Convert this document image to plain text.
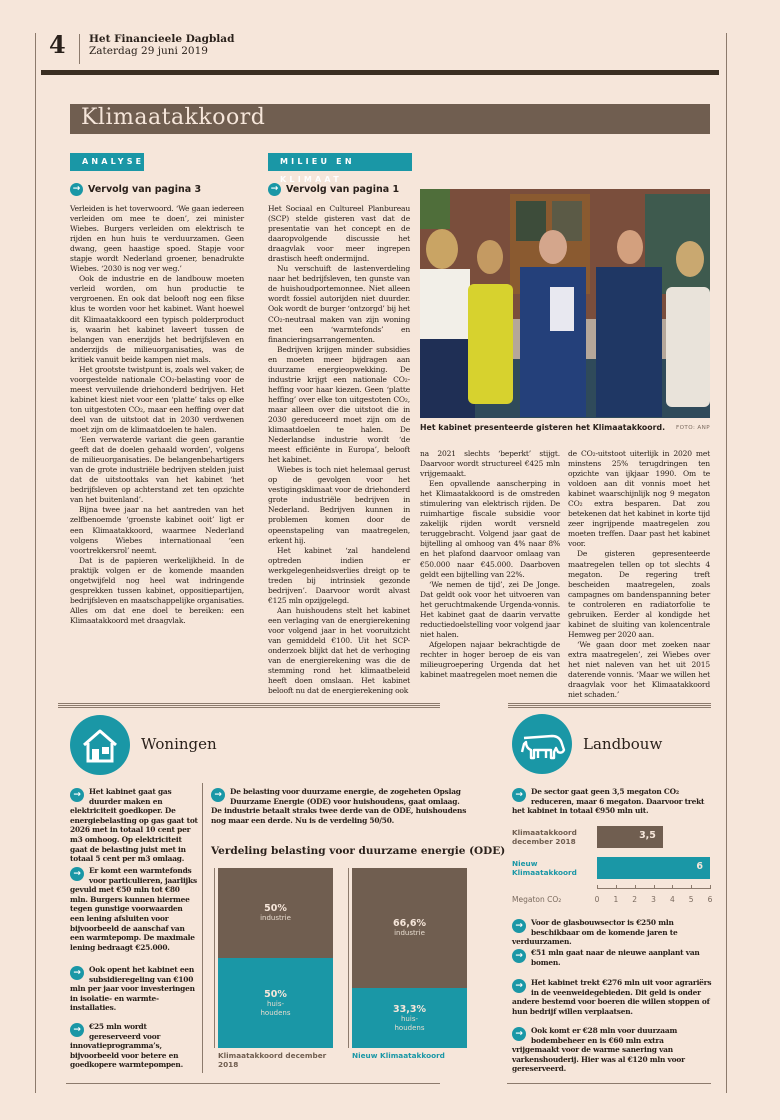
4 Het Financieele Dagblad
Zaterdag 29 juni 2019
Klimaatakkoord
ANALYSE	MILIEU EN KLIMAAT
→ Vervolg van pagina 3	→ Vervolg van pagina 1

Verleiden is het toverwoord. ‘We gaan iedereen verleiden om mee te doen’, zei minister Wiebes. Burgers verleiden om elektrisch te rijden en hun huis te verduurzamen. Geen dwang, geen haastige spoed. Stapje voor stapje wordt Nederland groener, benadrukte Wiebes. ‘2030 is nog ver weg.’

Ook de industrie en de landbouw moeten verleid worden, om hun productie te vergroenen. En ook dat belooft nog een fikse klus te worden voor het kabinet. Want hoewel dit Klimaatakkoord een typisch polderproduct is, waarin het kabinet laveert tussen de belangen van enerzijds het bedrijfsleven en anderzijds de milieuorganisaties, was de kritiek vanuit beide kampen niet mals.

Het grootste twistpunt is, zoals wel vaker, de voorgestelde nationale CO₂-belasting voor de meest vervuilende driehonderd bedrijven. Het kabinet kiest niet voor een ‘platte’ taks op elke ton uitgestoten CO₂, maar een heffing over dat deel van de uitstoot dat in 2030 verdwenen moet zijn om de klimaatdoelen te halen.

‘Een verwaterde variant die geen garantie geeft dat de doelen gehaald worden’, volgens de milieuorganisaties. De belangenbehartigers van de grote industriële bedrijven stelden juist dat de uitstoottaks van het kabinet ‘het bedrijfsleven op achterstand zet ten opzichte van het buitenland’.

Bijna twee jaar na het aantreden van het zelfbenoemde ‘groenste kabinet ooit’ ligt er een Klimaatakkoord, waarmee Nederland volgens Wiebes internationaal ‘een voortrekkersrol’ neemt.

Dat is de papieren werkelijkheid. In de praktijk volgen er de komende maanden ongetwijfeld nog heel wat indringende gesprekken tussen kabinet, oppositiepartijen, bedrijfsleven en maatschappelijke organisaties. Alles om dat ene doel te bereiken: een Klimaatakkoord met draagvlak.

Het Sociaal en Cultureel Planbureau (SCP) stelde gisteren vast dat de presentatie van het concept en de daaropvolgende discussie het draagvlak voor meer ingrepen drastisch heeft ondermijnd.

Nu verschuift de lastenverdeling naar het bedrijfsleven, ten gunste van de huishoudportemonnee. Niet alleen wordt fossiel autorijden niet duurder. Ook wordt de burger ‘ontzorgd’ bij het CO₂-neutraal maken van zijn woning met een ‘warmtefonds’ en financieringsarrangementen.

Bedrijven krijgen minder subsidies en moeten meer bijdragen aan duurzame energieopwekking. De industrie krijgt een nationale CO₂-heffing voor haar kiezen. Geen ‘platte heffing’ over elke ton uitgestoten CO₂, maar alleen over die uitstoot die in 2030 gereduceerd moet zijn om de klimaatdoelen te halen. De Nederlandse industrie wordt ‘de meest efficiënte in Europa’, belooft het kabinet.

Wiebes is toch niet helemaal gerust op de gevolgen voor het vestigingsklimaat voor de driehonderd grote industriële bedrijven in Nederland. Bedrijven kunnen in problemen komen door de opeenstapeling van maatregelen, erkent hij.

Het kabinet ‘zal handelend optreden indien er werkgelegenheidsverlies dreigt op te treden bij intrinsiek gezonde bedrijven’. Daarvoor wordt alvast €125 mln opzijgelegd.

Aan huishoudens stelt het kabinet een verlaging van de energierekening voor volgend jaar in het vooruitzicht van gemiddeld €100. Uit het SCP-onderzoek blijkt dat het de verhoging van de energierekening was die de stemming rond het klimaatbeleid heeft doen omslaan. Het kabinet belooft nu dat de energierekening ook

Het kabinet presenteerde gisteren het Klimaatakkoord.	FOTO: ANP

na 2021 slechts ‘beperkt’ stijgt. Daarvoor wordt structureel €425 mln vrijgemaakt.

Een opvallende aanscherping in het Klimaatakkoord is de omstreden stimulering van elektrisch rijden. De ruimhartige fiscale subsidie voor zakelijk rijden wordt versneld teruggebracht. Volgend jaar gaat de bijtelling al omhoog van 4% naar 8% en het plafond daarvoor omlaag van €50.000 naar €45.000. Daarboven geldt een bijtelling van 22%.

‘We nemen de tijd’, zei De Jonge. Dat geldt ook voor het uitvoeren van het geruchtmakende Urgenda-vonnis. Het kabinet gaat de daarin vervatte reductiedoelstelling voor volgend jaar niet halen.

Afgelopen najaar bekrachtigde de rechter in hoger beroep de eis van milieugroepering Urgenda dat het kabinet maatregelen moet nemen die

de CO₂-uitstoot uiterlijk in 2020 met minstens 25% terugdringen ten opzichte van ijkjaar 1990. Om te voldoen aan dit vonnis moet het kabinet waarschijnlijk nog 9 megaton CO₂ extra besparen. Dat zou betekenen dat het kabinet in korte tijd zeer ingrijpende maatregelen zou moeten treffen. Daar past het kabinet voor.

De gisteren gepresenteerde maatregelen tellen op tot slechts 4 megaton. De regering treft bescheiden maatregelen, zoals campagnes om bandenspanning beter te controleren en radiatorfolie te gebruiken. Eerder al kondigde het kabinet de sluiting van kolencentrale Hemweg per 2020 aan.

‘We gaan door met zoeken naar extra maatregelen’, zei Wiebes over het niet naleven van het uit 2015 daterende vonnis. ‘Maar we willen het draagvlak voor het Klimaatakkoord niet schaden.’

Woningen
→	Het kabinet gaat gas duurder maken en elektriciteit goedkoper. De energiebelasting op gas gaat tot 2026 met in totaal 10 cent per m3 omhoog. Op elektriciteit gaat de belasting juist met in totaal 5 cent per m3 omlaag.
→	Er komt een warmtefonds voor particulieren, jaarlijks gevuld met €50 mln tot €80 mln. Burgers kunnen hiermee tegen gunstige voorwaarden een lening afsluiten voor bijvoorbeeld de aanschaf van een warmtepomp. De maximale lening bedraagt €25.000.
→	Ook opent het kabinet een subsidieregeling van €100 mln per jaar voor investeringen in isolatie- en warmte-installaties.
→	€25 mln wordt gereserveerd voor innovatieprogramma’s, bijvoorbeeld voor betere en goedkopere warmtepompen.
→	De belasting voor duurzame energie, de zogeheten Opslag Duurzame Energie (ODE) voor huishoudens, gaat omlaag. De industrie betaalt straks twee derde van de ODE, huishoudens nog maar een derde. Nu is de verdeling 50/50.
Verdeling belasting voor duurzame energie (ODE)
50%
industrie
50%
huis-
houdens
Klimaatakkoord december 2018
66,6%
industrie
33,3%
huis-
houdens
Nieuw Klimaatakkoord
Landbouw
→	De sector gaat geen 3,5 megaton CO₂ reduceren, maar 6 megaton. Daarvoor trekt het kabinet in totaal €950 mln uit.
Klimaatakkoord december 2018
3,5
Nieuw Klimaatakkoord
6
0 1 2 3 4 5 6
Megaton CO₂
→	Voor de glasbouwsector is €250 mln beschikbaar om de komende jaren te verduurzamen.
→	€51 mln gaat naar de nieuwe aanplant van bomen.
→	Het kabinet trekt €276 mln uit voor agrariërs in de veenweidegebieden. Dit geld is onder andere bestemd voor boeren die willen stoppen of hun bedrijf willen verplaatsen.
→	Ook komt er €28 mln voor duurzaam bodembeheer en is €60 mln extra vrijgemaakt voor de warme sanering van varkenshouderij. Hier was al €120 mln voor gereserveerd.
